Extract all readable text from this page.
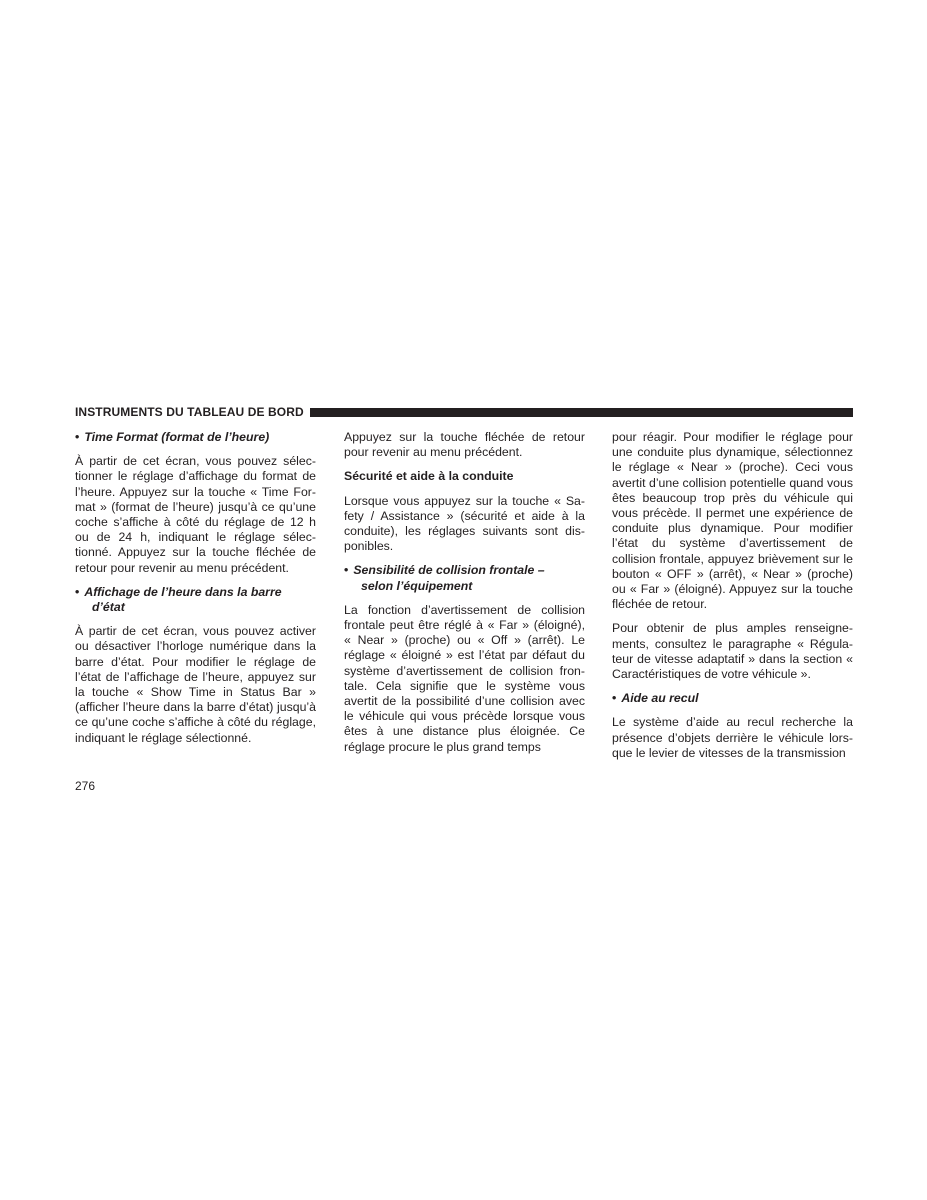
INSTRUMENTS DU TABLEAU DE BORD
• Time Format (format de l’heure)

À partir de cet écran, vous pouvez sélectionner le réglage d’affichage du format de l’heure. Appuyez sur la touche « Time Format » (format de l’heure) jusqu’à ce qu’une coche s’affiche à côté du réglage de 12 h ou de 24 h, indiquant le réglage sélectionné. Appuyez sur la touche fléchée de retour pour revenir au menu précédent.

• Affichage de l’heure dans la barre
d’état

À partir de cet écran, vous pouvez activer ou désactiver l’horloge numérique dans la barre d’état. Pour modifier le réglage de l’état de l’affichage de l’heure, appuyez sur la touche « Show Time in Status Bar » (afficher l’heure dans la barre d’état) jusqu’à ce qu’une coche s’affiche à côté du réglage, indiquant le réglage sélectionné.

Appuyez sur la touche fléchée de retour pour revenir au menu précédent.

Sécurité et aide à la conduite

Lorsque vous appuyez sur la touche « Safety / Assistance » (sécurité et aide à la conduite), les réglages suivants sont disponibles.

• Sensibilité de collision frontale –
selon l’équipement

La fonction d’avertissement de collision frontale peut être réglé à « Far » (éloigné), « Near » (proche) ou « Off » (arrêt). Le réglage « éloigné » est l’état par défaut du système d’avertissement de collision frontale. Cela signifie que le système vous avertit de la possibilité d’une collision avec le véhicule qui vous précède lorsque vous êtes à une distance plus éloignée. Ce réglage procure le plus grand temps

pour réagir. Pour modifier le réglage pour une conduite plus dynamique, sélectionnez le réglage « Near » (proche). Ceci vous avertit d’une collision potentielle quand vous êtes beaucoup trop près du véhicule qui vous précède. Il permet une expérience de conduite plus dynamique. Pour modifier l’état du système d’avertissement de collision frontale, appuyez brièvement sur le bouton « OFF » (arrêt), « Near » (proche) ou « Far » (éloigné). Appuyez sur la touche fléchée de retour.

Pour obtenir de plus amples renseignements, consultez le paragraphe « Régulateur de vitesse adaptatif » dans la section « Caractéristiques de votre véhicule ».

• Aide au recul

Le système d’aide au recul recherche la présence d’objets derrière le véhicule lorsque le levier de vitesses de la transmission

276
